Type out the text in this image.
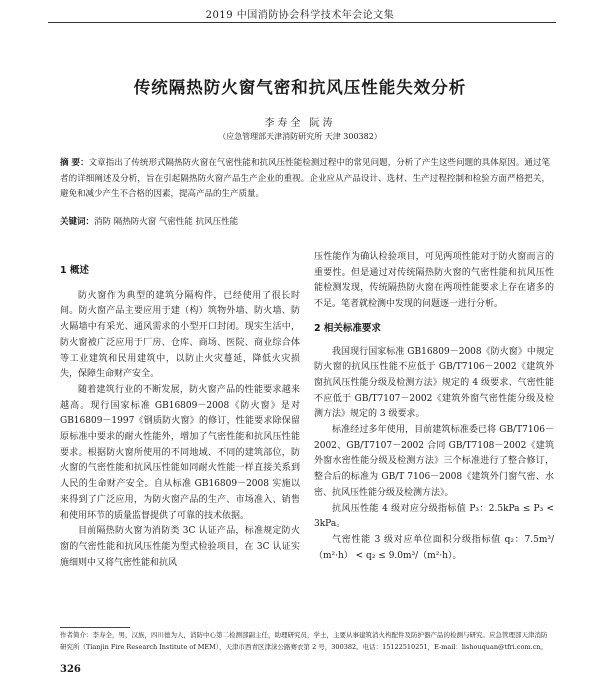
2019 中国消防协会科学技术年会论文集
传统隔热防火窗气密和抗风压性能失效分析
李寿全 阮涛
（应急管理部天津消防研究所 天津 300382）
摘 要：文章指出了传统形式隔热防火窗在气密性能和抗风压性能检测过程中的常见问题，分析了产生这些问题的具体原因。通过笔者的详细阐述及分析，旨在引起隔热防火窗产品生产企业的重视。企业应从产品设计、选材、生产过程控制和检验方面严格把关，避免和减少产生不合格的因素，提高产品的生产质量。
关键词：消防 隔热防火窗 气密性能 抗风压性能
1 概述

防火窗作为典型的建筑分隔构件，已经使用了很长时间。防火窗产品主要应用于建（构）筑物外墙、防火墙、防火隔墙中有采光、通风需求的小型开口封闭。现实生活中，防火窗被广泛应用于厂房、仓库、商场、医院、商业综合体等工业建筑和民用建筑中，以防止火灾蔓延，降低火灾损失，保障生命财产安全。

随着建筑行业的不断发展，防火窗产品的性能要求越来越高。现行国家标准 GB16809－2008《防火窗》是对 GB16809－1997《钢质防火窗》的修订，性能要求除保留原标准中要求的耐火性能外，增加了气密性能和抗风压性能要求。根据防火窗所使用的不同地域、不同的建筑部位，防火窗的气密性能和抗风压性能如同耐火性能一样直接关系到人民的生命财产安全。自从标准 GB16809－2008 实施以来得到了广泛应用，为防火窗产品的生产、市场准入、销售和使用环节的质量监督提供了可靠的技术依据。

目前隔热防火窗为消防类 3C 认证产品，标准规定防火窗的气密性能和抗风压性能为型式检验项目，在 3C 认证实施细则中又将气密性能和抗风

压性能作为确认检验项目，可见两项性能对于防火窗而言的重要性。但是通过对传统隔热防火窗的气密性能和抗风压性能检测发现，传统隔热防火窗在两项性能要求上存在诸多的不足。笔者就检测中发现的问题逐一进行分析。

2 相关标准要求

我国现行国家标准 GB16809－2008《防火窗》中规定防火窗的抗风压性能不应低于 GB/T7106－2002《建筑外窗抗风压性能分级及检测方法》规定的 4 级要求、气密性能不应低于 GB/T7107－2002《建筑外窗气密性能分级及检测方法》规定的 3 级要求。

标准经过多年使用，目前建筑标准委已将 GB/T7106－2002、GB/T7107－2002 合同 GB/T7108－2002《建筑外窗水密性能分级及检测方法》三个标准进行了整合修订，整合后的标准为 GB/T 7106－2008《建筑外门窗气密、水密、抗风压性能分级及检测方法》。

抗风压性能 4 级对应分级指标值 P₃：2.5kPa ≤ P₃ < 3kPa。

气密性能 3 级对应单位面积分级指标值 q₂：7.5m³/（m²·h） < q₂ ≤ 9.0m³/（m²·h）。

作者简介：李寿全，男，汉族，四川德为人，消防中心第二检测部副主任，助理研究员，学士，主要从事建筑消火构配件及防护器产品的检测与研究。应急管理部天津消防研究所（Tianjin Fire Research Institute of MEM），天津市西青区津涞公路赛衣第 2 号，300382。电话：15122510251，E-mail：lishouquan@tfri.com.cn。
326
